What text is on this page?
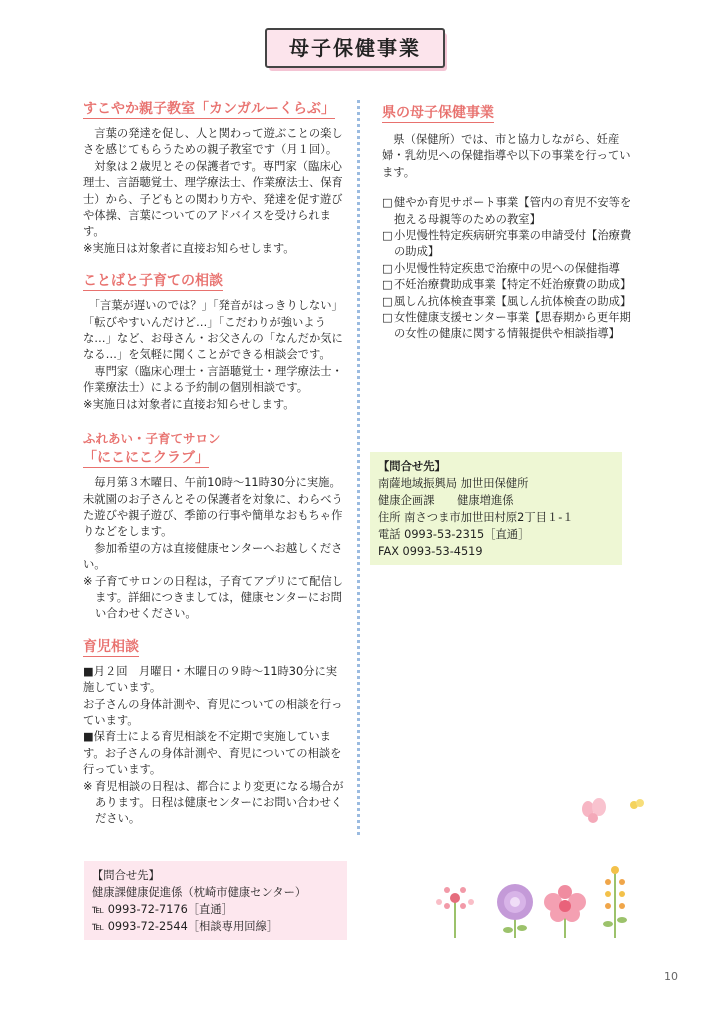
母子保健事業
すこやか親子教室「カンガルーくらぶ」

　言葉の発達を促し、人と関わって遊ぶことの楽しさを感じてもらうための親子教室です（月１回）。

　対象は２歳児とその保護者です。専門家（臨床心理士、言語聴覚士、理学療法士、作業療法士、保育士）から、子どもとの関わり方や、発達を促す遊びや体操、言葉についてのアドバイスを受けられます。

※実施日は対象者に直接お知らせします。

ことばと子育ての相談

　「言葉が遅いのでは？」「発音がはっきりしない」「転びやすいんだけど…」「こだわりが強いような…」など、お母さん・お父さんの「なんだか気になる…」を気軽に聞くことができる相談会です。

　専門家（臨床心理士・言語聴覚士・理学療法士・作業療法士）による予約制の個別相談です。

※実施日は対象者に直接お知らせします。

ふれあい・子育てサロン
「にこにこクラブ」

　毎月第３木曜日、午前10時～11時30分に実施。未就園のお子さんとその保護者を対象に、わらべうた遊びや親子遊び、季節の行事や簡単なおもちゃ作りなどをします。

　参加希望の方は直接健康センターへお越しください。

※ 子育てサロンの日程は，子育てアプリにて配信します。詳細につきましては，健康センターにお問い合わせください。
育児相談

■月２回　月曜日・木曜日の９時～11時30分に実施しています。

お子さんの身体計測や、育児についての相談を行っています。

■保育士による育児相談を不定期で実施しています。お子さんの身体計測や、育児についての相談を行っています。

※ 育児相談の日程は、都合により変更になる場合があります。日程は健康センターにお問い合わせください。
【問合せ先】
健康課健康促進係（枕崎市健康センター）
℡ 0993-72-7176［直通］
℡ 0993-72-2544［相談専用回線］
県の母子保健事業

　県（保健所）では、市と協力しながら、妊産婦・乳幼児への保健指導や以下の事業を行っています。

□ 健やか育児サポート事業【管内の育児不安等を抱える母親等のための教室】
□ 小児慢性特定疾病研究事業の申請受付【治療費の助成】
□ 小児慢性特定疾患で治療中の児への保健指導
□ 不妊治療費助成事業【特定不妊治療費の助成】
□ 風しん抗体検査事業【風しん抗体検査の助成】
□ 女性健康支援センター事業【思春期から更年期の女性の健康に関する情報提供や相談指導】
【問合せ先】
南薩地域振興局 加世田保健所
健康企画課　　健康増進係
住所 南さつま市加世田村原2丁目１-１
電話 0993-53-2315［直通］
FAX 0993-53-4519
10
